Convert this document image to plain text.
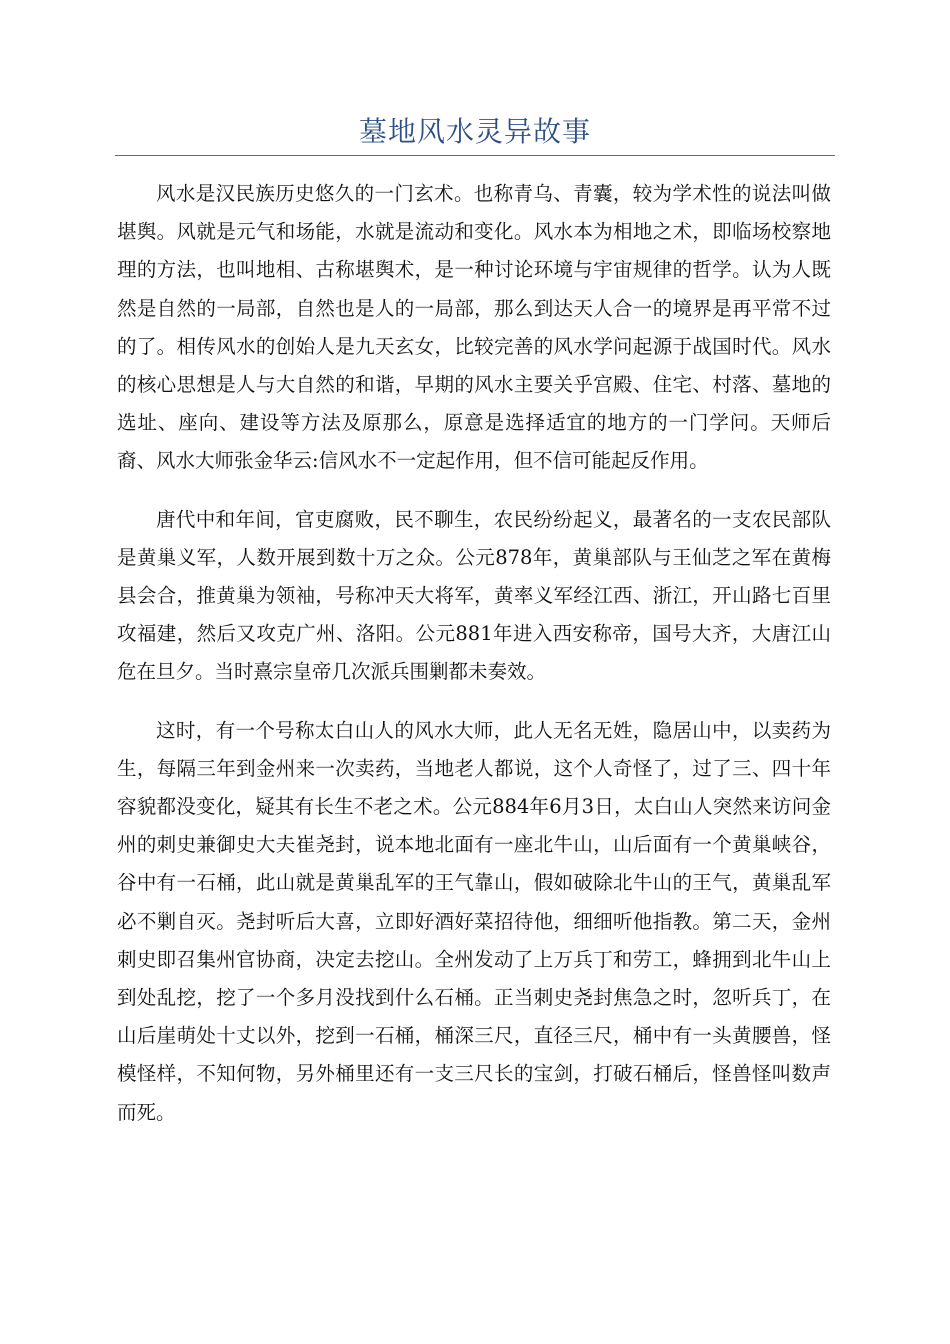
墓地风水灵异故事

风水是汉民族历史悠久的一门玄术。也称青乌、青囊，较为学术性的说法叫做堪舆。风就是元气和场能，水就是流动和变化。风水本为相地之术，即临场校察地理的方法，也叫地相、古称堪舆术，是一种讨论环境与宇宙规律的哲学。认为人既然是自然的一局部，自然也是人的一局部，那么到达天人合一的境界是再平常不过的了。相传风水的创始人是九天玄女，比较完善的风水学问起源于战国时代。风水的核心思想是人与大自然的和谐，早期的风水主要关乎宫殿、住宅、村落、墓地的选址、座向、建设等方法及原那么，原意是选择适宜的地方的一门学问。天师后裔、风水大师张金华云:信风水不一定起作用，但不信可能起反作用。

唐代中和年间，官吏腐败，民不聊生，农民纷纷起义，最著名的一支农民部队是黄巢义军，人数开展到数十万之众。公元878年，黄巢部队与王仙芝之军在黄梅县会合，推黄巢为领袖，号称冲天大将军，黄率义军经江西、浙江，开山路七百里攻福建，然后又攻克广州、洛阳。公元881年进入西安称帝，国号大齐，大唐江山危在旦夕。当时熹宗皇帝几次派兵围剿都未奏效。

这时，有一个号称太白山人的风水大师，此人无名无姓，隐居山中，以卖药为生，每隔三年到金州来一次卖药，当地老人都说，这个人奇怪了，过了三、四十年容貌都没变化，疑其有长生不老之术。公元884年6月3日，太白山人突然来访问金州的刺史兼御史大夫崔尧封，说本地北面有一座北牛山，山后面有一个黄巢峡谷，谷中有一石桶，此山就是黄巢乱军的王气靠山，假如破除北牛山的王气，黄巢乱军必不剿自灭。尧封听后大喜，立即好酒好菜招待他，细细听他指教。第二天，金州刺史即召集州官协商，决定去挖山。全州发动了上万兵丁和劳工，蜂拥到北牛山上到处乱挖，挖了一个多月没找到什么石桶。正当刺史尧封焦急之时，忽听兵丁，在山后崖萌处十丈以外，挖到一石桶，桶深三尺，直径三尺，桶中有一头黄腰兽，怪模怪样，不知何物，另外桶里还有一支三尺长的宝剑，打破石桶后，怪兽怪叫数声而死。
